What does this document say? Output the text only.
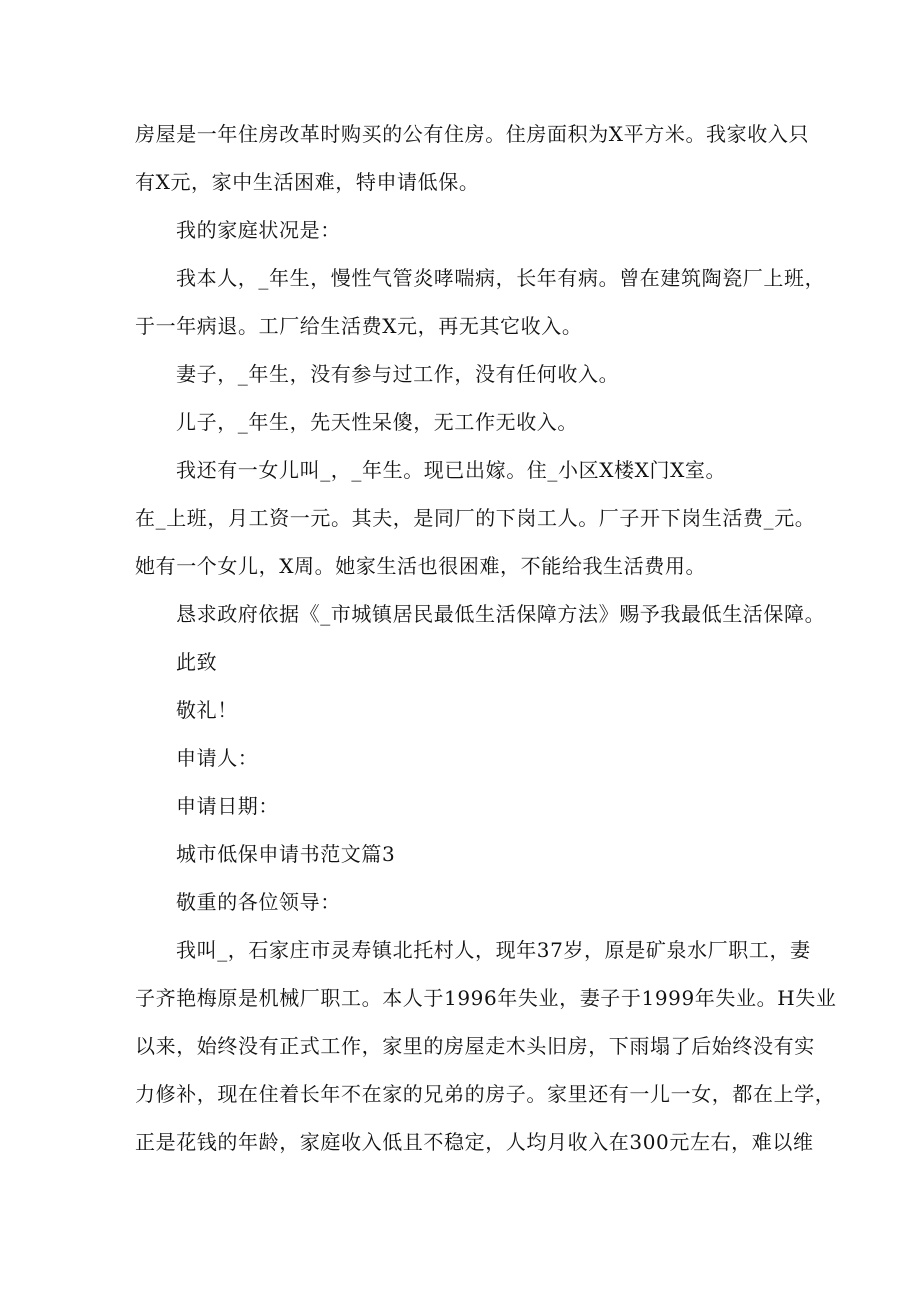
房屋是一年住房改革时购买的公有住房。住房面积为X平方米。我家收入只
有X元，家中生活困难，特申请低保。
我的家庭状况是：
我本人，_年生，慢性气管炎哮喘病，长年有病。曾在建筑陶瓷厂上班，
于一年病退。工厂给生活费X元，再无其它收入。
妻子，_年生，没有参与过工作，没有任何收入。
儿子，_年生，先天性呆傻，无工作无收入。
我还有一女儿叫_，_年生。现已出嫁。住_小区X楼X门X室。
在_上班，月工资一元。其夫，是同厂的下岗工人。厂子开下岗生活费_元。
她有一个女儿，X周。她家生活也很困难，不能给我生活费用。
恳求政府依据《_市城镇居民最低生活保障方法》赐予我最低生活保障。
此致
敬礼！
申请人：
申请日期：
城市低保申请书范文篇3
敬重的各位领导：
我叫_，石家庄市灵寿镇北托村人，现年37岁，原是矿泉水厂职工，妻
子齐艳梅原是机械厂职工。本人于1996年失业，妻子于1999年失业。H失业
以来，始终没有正式工作，家里的房屋走木头旧房，下雨塌了后始终没有实
力修补，现在住着长年不在家的兄弟的房子。家里还有一儿一女，都在上学，
正是花钱的年龄，家庭收入低且不稳定，人均月收入在300元左右，难以维
